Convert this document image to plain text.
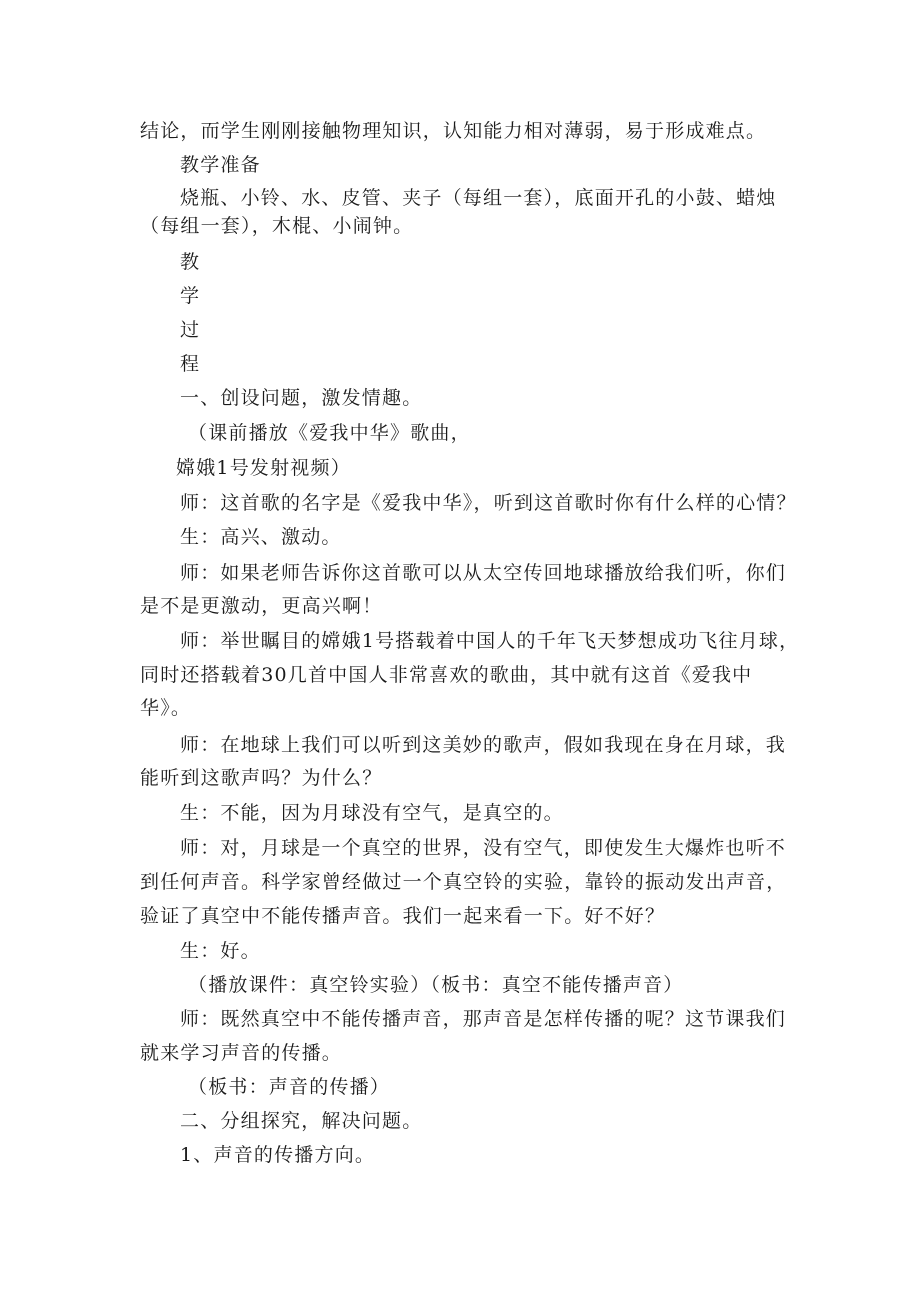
结论，而学生刚刚接触物理知识，认知能力相对薄弱，易于形成难点。
教学准备
烧瓶、小铃、水、皮管、夹子（每组一套），底面开孔的小鼓、蜡烛
（每组一套），木棍、小闹钟。
教
学
过
程
一、创设问题，激发情趣。
（课前播放《爱我中华》歌曲，
嫦娥1号发射视频）
师：这首歌的名字是《爱我中华》，听到这首歌时你有什么样的心情？
生：高兴、激动。
师：如果老师告诉你这首歌可以从太空传回地球播放给我们听，你们
是不是更激动，更高兴啊！
师：举世瞩目的嫦娥1号搭载着中国人的千年飞天梦想成功飞往月球，
同时还搭载着30几首中国人非常喜欢的歌曲，其中就有这首《爱我中
华》。
师：在地球上我们可以听到这美妙的歌声，假如我现在身在月球，我
能听到这歌声吗？为什么？
生：不能，因为月球没有空气，是真空的。
师：对，月球是一个真空的世界，没有空气，即使发生大爆炸也听不
到任何声音。科学家曾经做过一个真空铃的实验，靠铃的振动发出声音，
验证了真空中不能传播声音。我们一起来看一下。好不好？
生：好。
（播放课件：真空铃实验）（板书：真空不能传播声音）
师：既然真空中不能传播声音，那声音是怎样传播的呢？这节课我们
就来学习声音的传播。
（板书：声音的传播）
二、分组探究，解决问题。
1、声音的传播方向。
